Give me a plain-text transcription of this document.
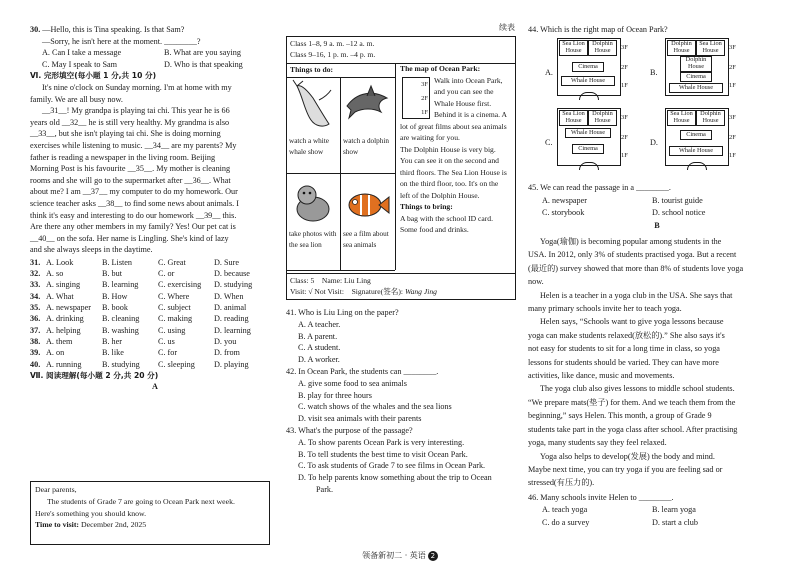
30. —Hello, this is Tina speaking. Is that Sam?
—Sorry, he isn't here at the moment. ________?
A. Can I take a message	B. What are you saying
C. May I speak to Sam	D. Who is that speaking
Ⅵ. 完形填空(每小题 1 分,共 10 分)
It's nine o'clock on Sunday morning. I'm at home with my
family. We are all busy now.
__31__! My grandpa is playing tai chi. This year he is 66
years old __32__ he is still very healthy. My grandma is also
__33__, but she isn't playing tai chi. She is doing morning
exercises while listening to music. __34__ are my parents? My
father is reading a newspaper in the living room. Beijing
Morning Post is his favourite __35__. My mother is cleaning
rooms and she will go to the supermarket after __36__. What
about me? I am __37__ my computer to do my homework. Our
science teacher asks __38__ to find some news about animals. I
think it's easy and interesting to do our homework __39__ this.
Are there any other members in my family? Yes! Our pet cat is
__40__ on the sofa. Her name is Lingling. She's kind of lazy
and she always sleeps in the daytime.
31. A. Look	B. Listen	C. Great	D. Sure
32. A. so	B. but	C. or	D. because
33. A. singing	B. learning	C. exercising	D. studying
34. A. What	B. How	C. Where	D. When
35. A. newspaper	B. book	C. subject	D. animal
36. A. drinking	B. cleaning	C. making	D. reading
37. A. helping	B. washing	C. using	D. learning
38. A. them	B. her	C. us	D. you
39. A. on	B. like	C. for	D. from
40. A. running	B. studying	C. sleeping	D. playing
Ⅶ. 阅读理解(每小题 2 分,共 20 分)
A
Dear parents,
The students of Grade 7 are going to Ocean Park next week.
Here's something you should know.
Time to visit: December 2nd, 2025
续表
Class 1–8, 9 a. m. –12 a. m.
Class 9–16, 1 p. m. –4 p. m.
Things to do:
watch a white whale show
watch a dolphin show
take photos with the sea lion
see a film about sea animals
The map of Ocean Park:
3F
2F
1F
Walk into Ocean Park,
and you can see the
Whale House first.
Behind it is a cinema. A
lot of great films about sea animals
are waiting for you.
The Dolphin House is very big.
You can see it on the second and
third floors. The Sea Lion House is
on the third floor, too. It's on the
left of the Dolphin House.
Things to bring:
A bag with the school ID card.
Some food and drinks.
Class: 5 Name: Liu Ling
Visit: √ Not Visit: Signature(签名): Wang Jing
41. Who is Liu Ling on the paper?
A. A teacher.
B. A parent.
C. A student.
D. A worker.
42. In Ocean Park, the students can ________.
A. give some food to sea animals
B. play for three hours
C. watch shows of the whales and the sea lions
D. visit sea animals with their parents
43. What's the purpose of the passage?
A. To show parents Ocean Park is very interesting.
B. To tell students the best time to visit Ocean Park.
C. To ask students of Grade 7 to see films in Ocean Park.
D. To help parents know something about the trip to Ocean
Park.
44. Which is the right map of Ocean Park?
A.
Sea Lion House
Dolphin House
Cinema
Whale House
3F
2F
1F
B.
Dolphin House
Sea Lion House
Dolphin House
Cinema
Whale House
3F
2F
1F
C.
Sea Lion House
Dolphin House
Whale House
Cinema
3F
2F
1F
D.
Sea Lion House
Dolphin House
Cinema
Whale House
3F
2F
1F
45. We can read the passage in a ________.
A. newspaper	B. tourist guide
C. storybook	D. school notice
B
Yoga(瑜伽) is becoming popular among students in the
USA. In 2012, only 3% of students practised yoga. But a recent
(最近的) survey showed that more than 8% of students love yoga
now.
Helen is a teacher in a yoga club in the USA. She says that
many primary schools invite her to teach yoga.
Helen says, “Schools want to give yoga lessons because
yoga can make students relaxed(放松的).” She also says it's
not easy for students to sit for a long time in class, so yoga
lessons for students should be varied. They can have more
activities, like dance, music and movements.
The yoga club also gives lessons to middle school students.
“We prepare mats(垫子) for them. And we teach them from the
beginning,” says Helen. This month, a group of Grade 9
students take part in the yoga class after school. After practising
yoga, many students say they feel relaxed.
Yoga also helps to develop(发展) the body and mind.
Maybe next time, you can try yoga if you are feeling sad or
stressed(有压力的).
46. Many schools invite Helen to ________.
A. teach yoga	B. learn yoga
C. do a survey	D. start a club
领备新初二 · 英语 2
